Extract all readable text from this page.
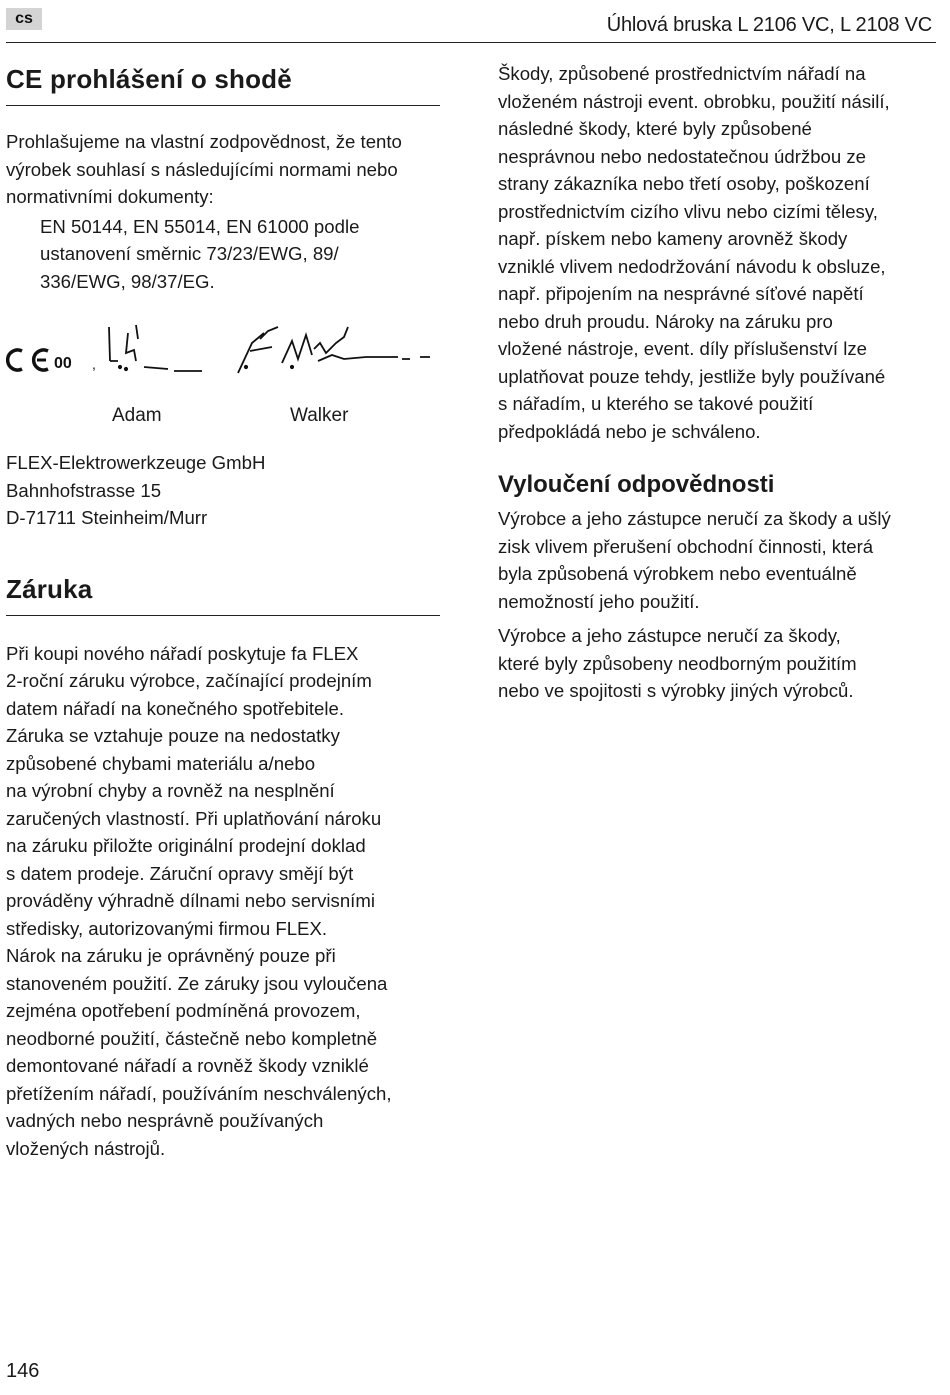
cs	Úhlová bruska L 2106 VC, L 2108 VC
CE prohlášení o shodě
Prohlašujeme na vlastní zodpovědnost, že tento
výrobek souhlasí s následujícími normami nebo
normativními dokumenty:
EN 50144, EN 55014, EN 61000 podle
ustanovení směrnic 73/23/EWG, 89/
336/EWG, 98/37/EG.
00 ,
Adam	Walker
FLEX-Elektrowerkzeuge GmbH
Bahnhofstrasse 15
D-71711 Steinheim/Murr
Záruka
Při koupi nového nářadí poskytuje fa FLEX
2-roční záruku výrobce, začínající prodejním
datem nářadí na konečného spotřebitele.
Záruka se vztahuje pouze na nedostatky
způsobené chybami materiálu a/nebo
na výrobní chyby a rovněž na nesplnění
zaručených vlastností. Při uplatňování nároku
na záruku přiložte originální prodejní doklad
s datem prodeje. Záruční opravy smějí být
prováděny výhradně dílnami nebo servisními
středisky, autorizovanými firmou FLEX.
Nárok na záruku je oprávněný pouze při
stanoveném použití. Ze záruky jsou vyloučena
zejména opotřebení podmíněná provozem,
neodborné použití, částečně nebo kompletně
demontované nářadí a rovněž škody vzniklé
přetížením nářadí, používáním neschválených,
vadných nebo nesprávně používaných
vložených nástrojů.
Škody, způsobené prostřednictvím nářadí na
vloženém nástroji event. obrobku, použití násilí,
následné škody, které byly způsobené
nesprávnou nebo nedostatečnou údržbou ze
strany zákazníka nebo třetí osoby, poškození
prostřednictvím cizího vlivu nebo cizími tělesy,
např. pískem nebo kameny arovněž škody
vzniklé vlivem nedodržování návodu k obsluze,
např. připojením na nesprávné síťové napětí
nebo druh proudu. Nároky na záruku pro
vložené nástroje, event. díly příslušenství lze
uplatňovat pouze tehdy, jestliže byly používané
s nářadím, u kterého se takové použití
předpokládá nebo je schváleno.
Vyloučení odpovědnosti
Výrobce a jeho zástupce neručí za škody a ušlý
zisk vlivem přerušení obchodní činnosti, která
byla způsobená výrobkem nebo eventuálně
nemožností jeho použití.
Výrobce a jeho zástupce neručí za škody,
které byly způsobeny neodborným použitím
nebo ve spojitosti s výrobky jiných výrobců.
146
